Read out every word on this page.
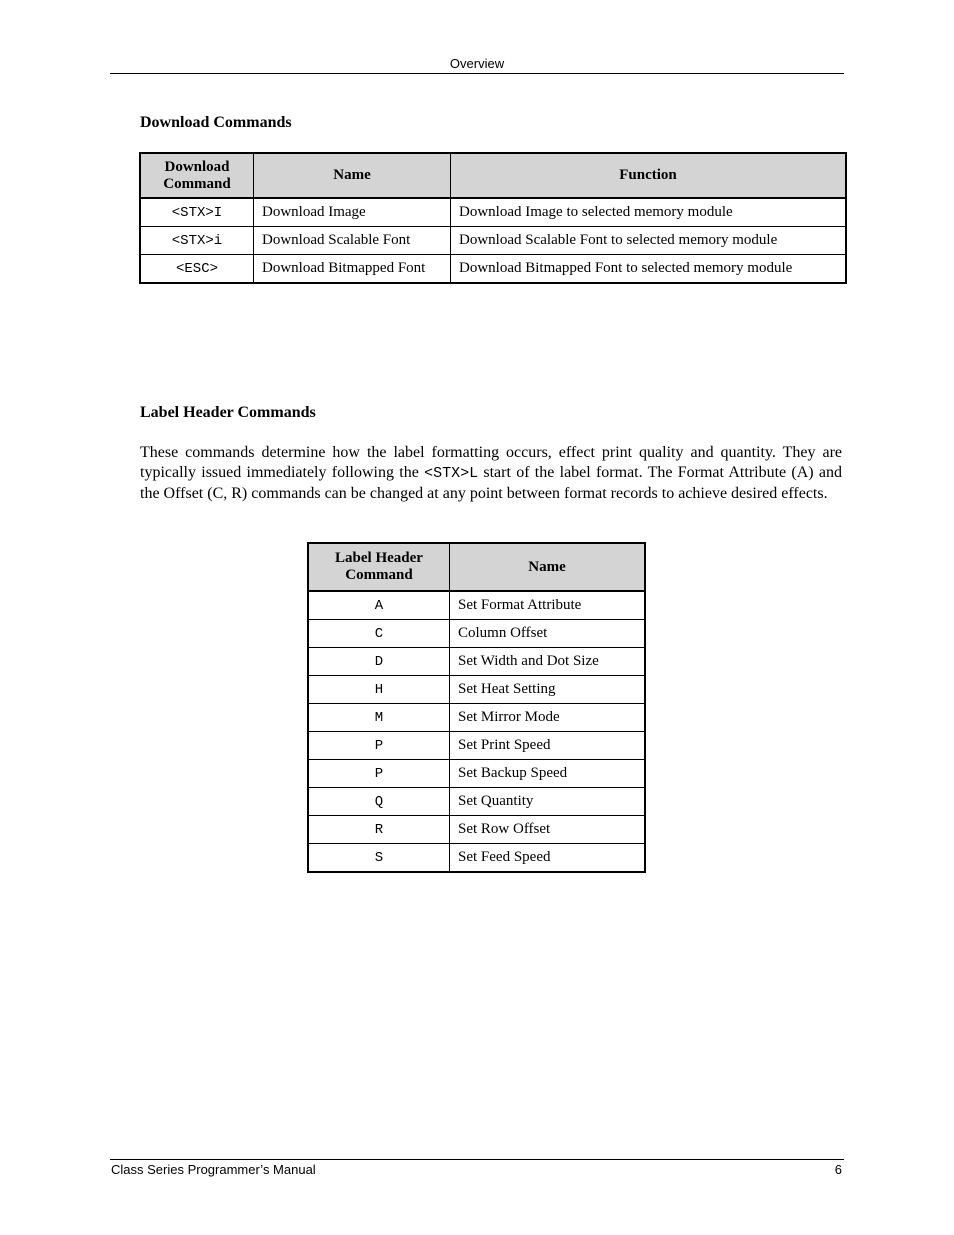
Overview
Download Commands
Download Command	Name	Function
<STX>I	Download Image	Download Image to selected memory module
<STX>i	Download Scalable Font	Download Scalable Font to selected memory module
<ESC>	Download Bitmapped Font	Download Bitmapped Font to selected memory module
Label Header Commands

These commands determine how the label formatting occurs, effect print quality and quantity. They are typically issued immediately following the <STX>L start of the label format. The Format Attribute (A) and the Offset (C, R) commands can be changed at any point between format records to achieve desired effects.

Label Header Command	Name
A	Set Format Attribute
C	Column Offset
D	Set Width and Dot Size
H	Set Heat Setting
M	Set Mirror Mode
P	Set Print Speed
P	Set Backup Speed
Q	Set Quantity
R	Set Row Offset
S	Set Feed Speed
Class Series Programmer’s Manual	6
